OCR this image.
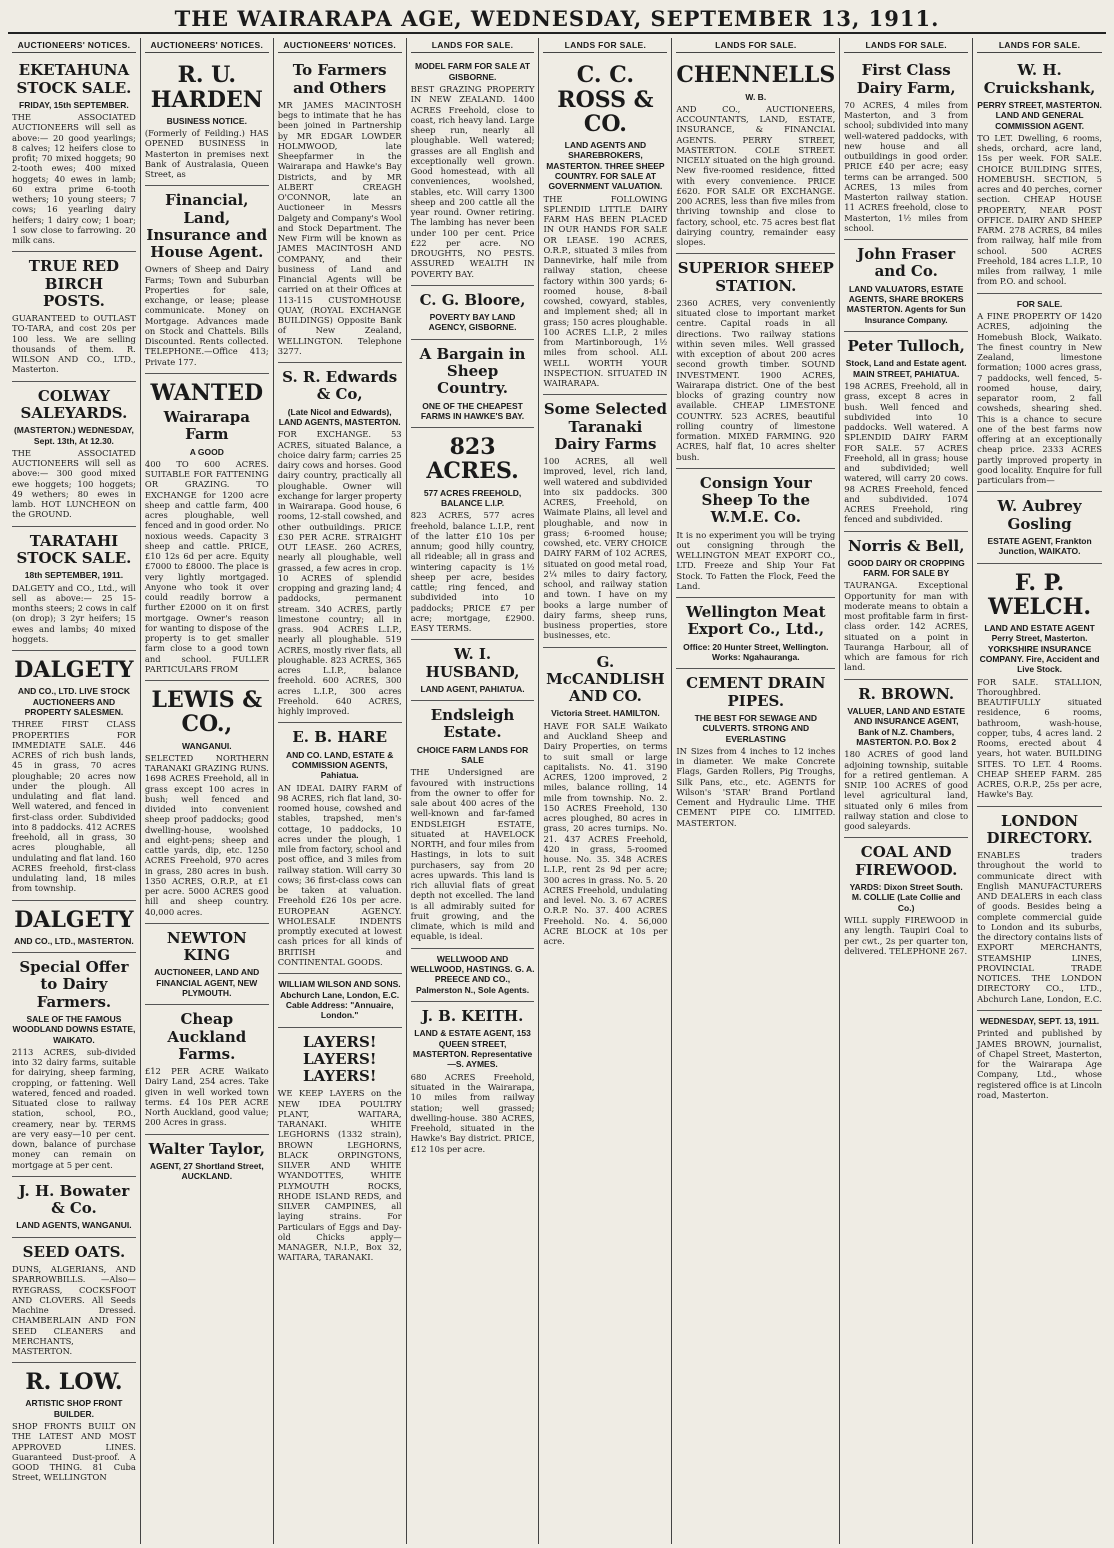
THE WAIRARAPA AGE, WEDNESDAY, SEPTEMBER 13, 1911.
AUCTIONEERS' NOTICES.
EKETAHUNA STOCK SALE.
FRIDAY, 15th SEPTEMBER.

THE ASSOCIATED AUCTIONEERS will sell as above:— 20 good yearlings; 8 calves; 12 heifers close to profit; 70 mixed hoggets; 90 2-tooth ewes; 400 mixed hoggets; 40 ewes in lamb; 60 extra prime 6-tooth wethers; 10 young steers; 7 cows; 16 yearling dairy heifers; 1 dairy cow; 1 boar; 1 sow close to farrowing. 20 milk cans.

TRUE RED BIRCH POSTS.

GUARANTEED to OUTLAST TO-TARA, and cost 20s per 100 less. We are selling thousands of them. R. WILSON AND CO., LTD., Masterton.

COLWAY SALEYARDS.
(MASTERTON.) WEDNESDAY, Sept. 13th, At 12.30.

THE ASSOCIATED AUCTIONEERS will sell as above:— 300 good mixed ewe hoggets; 100 hoggets; 49 wethers; 80 ewes in lamb. HOT LUNCHEON on the GROUND.

TARATAHI STOCK SALE.
18th SEPTEMBER, 1911.

DALGETY and CO., Ltd., will sell as above:— 25 15-months steers; 2 cows in calf (on drop); 3 2yr heifers; 15 ewes and lambs; 40 mixed hoggets.

DALGETY
AND CO., LTD. LIVE STOCK AUCTIONEERS AND PROPERTY SALESMEN.

THREE FIRST CLASS PROPERTIES FOR IMMEDIATE SALE. 446 ACRES of rich bush lands, 45 in grass, 70 acres ploughable; 20 acres now under the plough. All undulating and flat land. Well watered, and fenced in first-class order. Subdivided into 8 paddocks. 412 ACRES freehold, all in grass, 30 acres ploughable, all undulating and flat land. 160 ACRES freehold, first-class undulating land, 18 miles from township.

DALGETY
AND CO., LTD., MASTERTON.
Special Offer to Dairy Farmers.
SALE OF THE FAMOUS WOODLAND DOWNS ESTATE, WAIKATO.

2113 ACRES, sub-divided into 32 dairy farms, suitable for dairying, sheep farming, cropping, or fattening. Well watered, fenced and roaded. Situated close to railway station, school, P.O., creamery, near by. TERMS are very easy—10 per cent. down, balance of purchase money can remain on mortgage at 5 per cent.

J. H. Bowater & Co.
LAND AGENTS, WANGANUI.
SEED OATS.

DUNS, ALGERIANS, AND SPARROWBILLS. —Also— RYEGRASS, COCKSFOOT AND CLOVERS. All Seeds Machine Dressed. CHAMBERLAIN AND FON SEED CLEANERS and MERCHANTS, MASTERTON.

R. LOW.
ARTISTIC SHOP FRONT BUILDER.

SHOP FRONTS BUILT ON THE LATEST AND MOST APPROVED LINES. Guaranteed Dust-proof. A GOOD THING. 81 Cuba Street, WELLINGTON

AUCTIONEERS' NOTICES.
R. U. HARDEN
BUSINESS NOTICE.

(Formerly of Feilding.) HAS OPENED BUSINESS in Masterton in premises next Bank of Australasia, Queen Street, as

Financial, Land, Insurance and House Agent.

Owners of Sheep and Dairy Farms; Town and Suburban Properties for sale, exchange, or lease; please communicate. Money on Mortgage. Advances made on Stock and Chattels. Bills Discounted. Rents collected. TELEPHONE.—Office 413; Private 177.

WANTED
Wairarapa Farm
A GOOD

400 TO 600 ACRES. SUITABLE FOR FATTENING OR GRAZING. TO EXCHANGE for 1200 acre sheep and cattle farm, 400 acres ploughable, well fenced and in good order. No noxious weeds. Capacity 3 sheep and cattle. PRICE, £10 12s 6d per acre. Equity £7000 to £8000. The place is very lightly mortgaged. Anyone who took it over could readily borrow a further £2000 on it on first mortgage. Owner's reason for wanting to dispose of the property is to get smaller farm close to a good town and school. FULLER PARTICULARS FROM

LEWIS & CO.,
WANGANUI.

SELECTED NORTHERN TARANAKI GRAZING RUNS. 1698 ACRES Freehold, all in grass except 100 acres in bush; well fenced and divided into convenient sheep proof paddocks; good dwelling-house, woolshed and eight-pens; sheep and cattle yards, dip, etc. 1250 ACRES Freehold, 970 acres in grass, 280 acres in bush. 1350 ACRES, O.R.P., at £1 per acre. 5000 ACRES good hill and sheep country. 40,000 acres.

NEWTON KING
AUCTIONEER, LAND AND FINANCIAL AGENT, NEW PLYMOUTH.
Cheap Auckland Farms.

£12 PER ACRE Waikato Dairy Land, 254 acres. Take given in well worked town terms. £4 10s PER ACRE North Auckland, good value; 200 Acres in grass.

Walter Taylor,
AGENT, 27 Shortland Street, AUCKLAND.
AUCTIONEERS' NOTICES.
To Farmers and Others

MR JAMES MACINTOSH begs to intimate that he has been joined in Partnership by MR EDGAR LOWDER HOLMWOOD, late Sheepfarmer in the Wairarapa and Hawke's Bay Districts, and by MR ALBERT CREAGH O'CONNOR, late an Auctioneer in Messrs Dalgety and Company's Wool and Stock Department. The New Firm will be known as JAMES MACINTOSH AND COMPANY, and their business of Land and Financial Agents will be carried on at their Offices at 113-115 CUSTOMHOUSE QUAY, (ROYAL EXCHANGE BUILDINGS) Opposite Bank of New Zealand, WELLINGTON. Telephone 3277.

S. R. Edwards & Co,
(Late Nicol and Edwards), LAND AGENTS, MASTERTON.

FOR EXCHANGE. 53 ACRES, situated Balance, a choice dairy farm; carries 25 dairy cows and horses. Good dairy country, practically all ploughable. Owner will exchange for larger property in Wairarapa. Good house, 6 rooms, 12-stall cowshed, and other outbuildings. PRICE £30 PER ACRE. STRAIGHT OUT LEASE. 260 ACRES, nearly all ploughable, well grassed, a few acres in crop. 10 ACRES of splendid cropping and grazing land; 4 paddocks, permanent stream. 340 ACRES, partly limestone country; all in grass. 904 ACRES L.I.P., nearly all ploughable. 519 ACRES, mostly river flats, all ploughable. 823 ACRES, 365 acres L.I.P., balance freehold. 600 ACRES, 300 acres L.I.P., 300 acres Freehold. 640 ACRES, highly improved.

E. B. HARE
AND CO. LAND, ESTATE & COMMISSION AGENTS, Pahiatua.

AN IDEAL DAIRY FARM of 98 ACRES, rich flat land, 30-roomed house, cowshed and stables, trapshed, men's cottage, 10 paddocks, 10 acres under the plough, 1 mile from factory, school and post office, and 3 miles from railway station. Will carry 30 cows; 36 first-class cows can be taken at valuation. Freehold £26 10s per acre. EUROPEAN AGENCY. WHOLESALE INDENTS promptly executed at lowest cash prices for all kinds of BRITISH and CONTINENTAL GOODS.

WILLIAM WILSON AND SONS. Abchurch Lane, London, E.C. Cable Address: "Annuaire, London."
LAYERS! LAYERS! LAYERS!

WE KEEP LAYERS on the NEW IDEA POULTRY PLANT, WAITARA, TARANAKI. WHITE LEGHORNS (1332 strain), BROWN LEGHORNS, BLACK ORPINGTONS, SILVER AND WHITE WYANDOTTES, WHITE PLYMOUTH ROCKS, RHODE ISLAND REDS, and SILVER CAMPINES, all laying strains. For Particulars of Eggs and Day-old Chicks apply— MANAGER, N.I.P., Box 32, WAITARA, TARANAKI.

LANDS FOR SALE.
MODEL FARM FOR SALE AT GISBORNE.

BEST GRAZING PROPERTY IN NEW ZEALAND. 1400 ACRES Freehold, close to coast, rich heavy land. Large sheep run, nearly all ploughable. Well watered; grasses are all English and exceptionally well grown. Good homestead, with all conveniences, woolshed, stables, etc. Will carry 1300 sheep and 200 cattle all the year round. Owner retiring. The lambing has never been under 100 per cent. Price £22 per acre. NO DROUGHTS, NO PESTS. ASSURED WEALTH IN POVERTY BAY.

C. G. Bloore,
POVERTY BAY LAND AGENCY, GISBORNE.
A Bargain in Sheep Country.
ONE OF THE CHEAPEST FARMS IN HAWKE'S BAY.
823 ACRES.
577 ACRES FREEHOLD, BALANCE L.I.P.

823 ACRES, 577 acres freehold, balance L.I.P., rent of the latter £10 10s per annum; good hilly country, all rideable; all in grass and wintering capacity is 1½ sheep per acre, besides cattle; ring fenced, and subdivided into 10 paddocks; PRICE £7 per acre; mortgage, £2900. EASY TERMS.

W. I. HUSBAND,
LAND AGENT, PAHIATUA.
Endsleigh Estate.
CHOICE FARM LANDS FOR SALE

THE Undersigned are favoured with instructions from the owner to offer for sale about 400 acres of the well-known and far-famed ENDSLEIGH ESTATE, situated at HAVELOCK NORTH, and four miles from Hastings, in lots to suit purchasers, say from 20 acres upwards. This land is rich alluvial flats of great depth not excelled. The land is all admirably suited for fruit growing, and the climate, which is mild and equable, is ideal.

WELLWOOD AND WELLWOOD, HASTINGS. G. A. PREECE AND CO., Palmerston N., Sole Agents.
J. B. KEITH.
LAND & ESTATE AGENT, 153 QUEEN STREET, MASTERTON. Representative—S. AYMES.

680 ACRES Freehold, situated in the Wairarapa, 10 miles from railway station; well grassed; dwelling-house. 380 ACRES, Freehold, situated in the Hawke's Bay district. PRICE, £12 10s per acre.

LANDS FOR SALE.
C. C. ROSS & CO.
LAND AGENTS AND SHAREBROKERS, MASTERTON. THREE SHEEP COUNTRY. FOR SALE AT GOVERNMENT VALUATION.

THE FOLLOWING SPLENDID LITTLE DAIRY FARM HAS BEEN PLACED IN OUR HANDS FOR SALE OR LEASE. 190 ACRES, O.R.P., situated 3 miles from Dannevirke, half mile from railway station, cheese factory within 300 yards; 6-roomed house, 8-bail cowshed, cowyard, stables, and implement shed; all in grass; 150 acres ploughable. 100 ACRES L.I.P., 2 miles from Martinborough, 1½ miles from school. ALL WELL WORTH YOUR INSPECTION. SITUATED IN WAIRARAPA.

Some Selected Taranaki Dairy Farms

100 ACRES, all well improved, level, rich land, well watered and subdivided into six paddocks. 300 ACRES, Freehold, on Waimate Plains, all level and ploughable, and now in grass; 6-roomed house; cowshed, etc. VERY CHOICE DAIRY FARM of 102 ACRES, situated on good metal road, 2¼ miles to dairy factory, school, and railway station and town. I have on my books a large number of dairy farms, sheep runs, business properties, store businesses, etc.

G. McCANDLISH AND CO.
Victoria Street. HAMILTON.

HAVE FOR SALE Waikato and Auckland Sheep and Dairy Properties, on terms to suit small or large capitalists. No. 41. 3190 ACRES, 1200 improved, 2 miles, balance rolling, 14 mile from township. No. 2. 150 ACRES Freehold, 130 acres ploughed, 80 acres in grass, 20 acres turnips. No. 21. 437 ACRES Freehold, 420 in grass, 5-roomed house. No. 35. 348 ACRES L.I.P., rent 2s 9d per acre; 300 acres in grass. No. 5. 20 ACRES Freehold, undulating and level. No. 3. 67 ACRES O.R.P. No. 37. 400 ACRES Freehold. No. 4. 56,000 ACRE BLOCK at 10s per acre.

LANDS FOR SALE.
CHENNELLS
W. B.

AND CO., AUCTIONEERS, ACCOUNTANTS, LAND, ESTATE, INSURANCE, & FINANCIAL AGENTS. PERRY STREET, MASTERTON. COLE STREET. NICELY situated on the high ground. New five-roomed residence, fitted with every convenience. PRICE £620. FOR SALE OR EXCHANGE. 200 ACRES, less than five miles from thriving township and close to factory, school, etc. 75 acres best flat dairying country, remainder easy slopes.

SUPERIOR SHEEP STATION.

2360 ACRES, very conveniently situated close to important market centre. Capital roads in all directions. Two railway stations within seven miles. Well grassed with exception of about 200 acres second growth timber. SOUND INVESTMENT. 1900 ACRES, Wairarapa district. One of the best blocks of grazing country now available. CHEAP LIMESTONE COUNTRY. 523 ACRES, beautiful rolling country of limestone formation. MIXED FARMING. 920 ACRES, half flat, 10 acres shelter bush.

Consign Your Sheep To the W.M.E. Co.

It is no experiment you will be trying out consigning through the WELLINGTON MEAT EXPORT CO., LTD. Freeze and Ship Your Fat Stock. To Fatten the Flock, Feed the Land.

Wellington Meat Export Co., Ltd.,
Office: 20 Hunter Street, Wellington. Works: Ngahauranga.
CEMENT DRAIN PIPES.
THE BEST FOR SEWAGE AND CULVERTS. STRONG AND EVERLASTING

IN Sizes from 4 inches to 12 inches in diameter. We make Concrete Flags, Garden Rollers, Pig Troughs, Silk Pans, etc., etc. AGENTS for Wilson's 'STAR' Brand Portland Cement and Hydraulic Lime. THE CEMENT PIPE CO. LIMITED. MASTERTON.

LANDS FOR SALE.
First Class Dairy Farm,

70 ACRES, 4 miles from Masterton, and 3 from school; subdivided into many well-watered paddocks, with new house and all outbuildings in good order. PRICE £40 per acre; easy terms can be arranged. 500 ACRES, 13 miles from Masterton railway station. 11 ACRES freehold, close to Masterton, 1½ miles from school.

John Fraser and Co.
LAND VALUATORS, ESTATE AGENTS, SHARE BROKERS MASTERTON. Agents for Sun Insurance Company.
Peter Tulloch,
Stock, Land and Estate agent. MAIN STREET, PAHIATUA.

198 ACRES, Freehold, all in grass, except 8 acres in bush. Well fenced and subdivided into 10 paddocks. Well watered. A SPLENDID DAIRY FARM FOR SALE. 57 ACRES Freehold, all in grass; house and subdivided; well watered, will carry 20 cows. 98 ACRES Freehold, fenced and subdivided. 1074 ACRES Freehold, ring fenced and subdivided.

Norris & Bell,
GOOD DAIRY OR CROPPING FARM. FOR SALE BY

TAURANGA. Exceptional Opportunity for man with moderate means to obtain a most profitable farm in first-class order. 142 ACRES, situated on a point in Tauranga Harbour, all of which are famous for rich land.

R. BROWN.
VALUER, LAND AND ESTATE AND INSURANCE AGENT, Bank of N.Z. Chambers, MASTERTON. P.O. Box 2

180 ACRES of good land adjoining township, suitable for a retired gentleman. A SNIP. 100 ACRES of good level agricultural land, situated only 6 miles from railway station and close to good saleyards.

COAL AND FIREWOOD.
YARDS: Dixon Street South. M. COLLIE (Late Collie and Co.)

WILL supply FIREWOOD in any length. Taupiri Coal to per cwt., 2s per quarter ton, delivered. TELEPHONE 267.

LANDS FOR SALE.
W. H. Cruickshank,
PERRY STREET, MASTERTON. LAND AND GENERAL COMMISSION AGENT.

TO LET. Dwelling, 6 rooms, sheds, orchard, acre land, 15s per week. FOR SALE. CHOICE BUILDING SITES, HOMEBUSH. SECTION, 5 acres and 40 perches, corner section. CHEAP HOUSE PROPERTY, NEAR POST OFFICE. DAIRY AND SHEEP FARM. 278 ACRES, 84 miles from railway, half mile from school. 500 ACRES Freehold, 184 acres L.I.P., 10 miles from railway, 1 mile from P.O. and school.

FOR SALE.

A FINE PROPERTY OF 1420 ACRES, adjoining the Homebush Block, Waikato. The finest country in New Zealand, limestone formation; 1000 acres grass, 7 paddocks, well fenced, 5-roomed house, dairy, separator room, 2 fall cowsheds, shearing shed. This is a chance to secure one of the best farms now offering at an exceptionally cheap price. 2333 ACRES partly improved property in good locality. Enquire for full particulars from—

W. Aubrey Gosling
ESTATE AGENT, Frankton Junction, WAIKATO.
F. P. WELCH.
LAND AND ESTATE AGENT Perry Street, Masterton. YORKSHIRE INSURANCE COMPANY. Fire, Accident and Live Stock.

FOR SALE. STALLION, Thoroughbred. BEAUTIFULLY situated residence, 6 rooms, bathroom, wash-house, copper, tubs, 4 acres land. 2 Rooms, erected about 4 years, hot water. BUILDING SITES. TO LET. 4 Rooms. CHEAP SHEEP FARM. 285 ACRES, O.R.P., 25s per acre, Hawke's Bay.

LONDON DIRECTORY.

ENABLES traders throughout the world to communicate direct with English MANUFACTURERS AND DEALERS in each class of goods. Besides being a complete commercial guide to London and its suburbs, the directory contains lists of EXPORT MERCHANTS, STEAMSHIP LINES, PROVINCIAL TRADE NOTICES. THE LONDON DIRECTORY CO., LTD., Abchurch Lane, London, E.C.

WEDNESDAY, SEPT. 13, 1911.

Printed and published by JAMES BROWN, journalist, of Chapel Street, Masterton, for the Wairarapa Age Company, Ltd., whose registered office is at Lincoln road, Masterton.
